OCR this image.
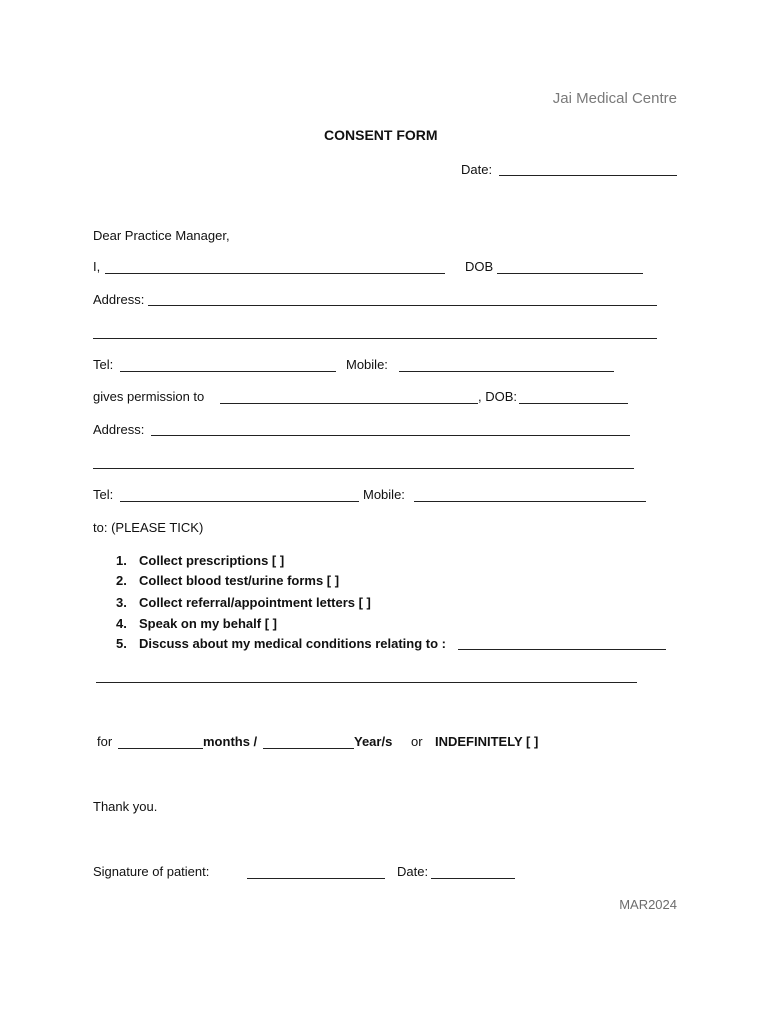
Jai Medical Centre
CONSENT FORM
Date:
Dear Practice Manager,
I,	DOB
Address:
Tel:	Mobile:
gives permission to	, DOB:
Address:
Tel:	Mobile:
to: (PLEASE TICK)
1. Collect prescriptions [ ]
2. Collect blood test/urine forms [ ]
3. Collect referral/appointment letters [ ]
4. Speak on my behalf [ ]
5. Discuss about my medical conditions relating to :
for	months /	Year/s or INDEFINITELY [ ]
Thank you.
Signature of patient:	Date:
MAR2024
